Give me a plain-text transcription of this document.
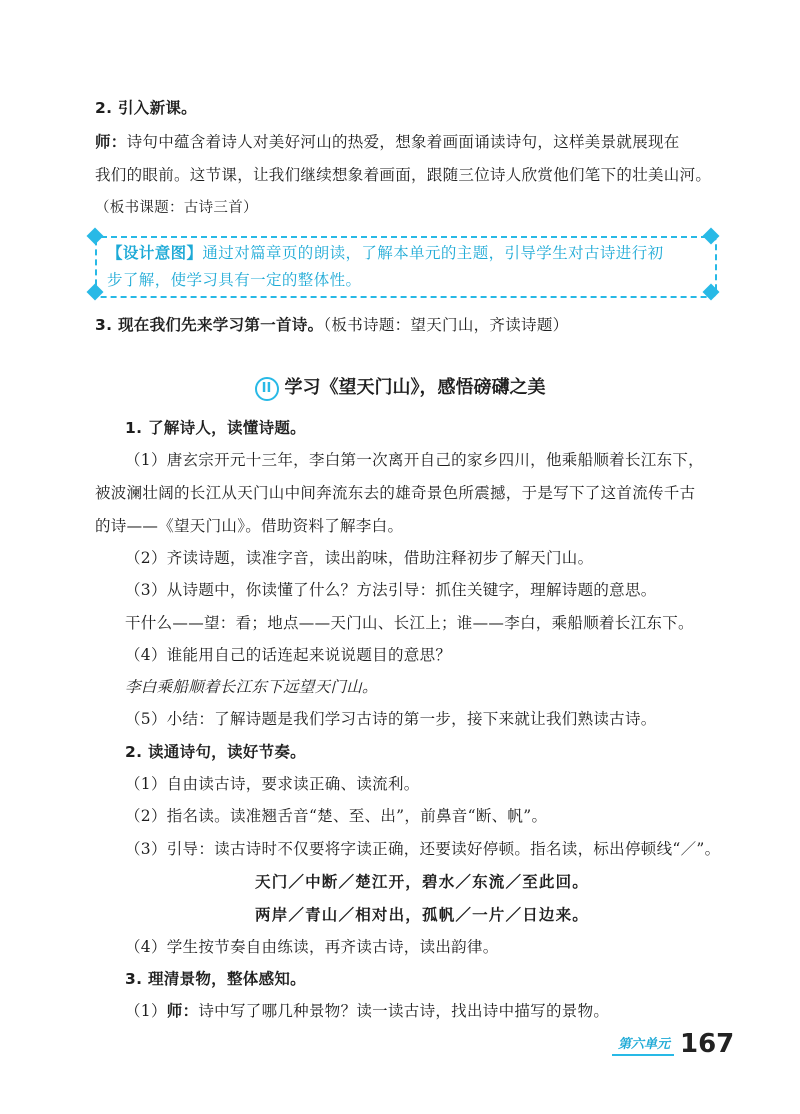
2. 引入新课。
师：诗句中蕴含着诗人对美好河山的热爱，想象着画面诵读诗句，这样美景就展现在
我们的眼前。这节课，让我们继续想象着画面，跟随三位诗人欣赏他们笔下的壮美山河。
（板书课题：古诗三首）
【设计意图】通过对篇章页的朗读，了解本单元的主题，引导学生对古诗进行初
步了解，使学习具有一定的整体性。
3. 现在我们先来学习第一首诗。（板书诗题：望天门山，齐读诗题）
II 学习《望天门山》，感悟磅礴之美
1. 了解诗人，读懂诗题。
（1）唐玄宗开元十三年，李白第一次离开自己的家乡四川，他乘船顺着长江东下，
被波澜壮阔的长江从天门山中间奔流东去的雄奇景色所震撼，于是写下了这首流传千古
的诗——《望天门山》。借助资料了解李白。
（2）齐读诗题，读准字音，读出韵味，借助注释初步了解天门山。
（3）从诗题中，你读懂了什么？方法引导：抓住关键字，理解诗题的意思。
干什么——望：看；地点——天门山、长江上；谁——李白，乘船顺着长江东下。
（4）谁能用自己的话连起来说说题目的意思？
李白乘船顺着长江东下远望天门山。
（5）小结：了解诗题是我们学习古诗的第一步，接下来就让我们熟读古诗。
2. 读通诗句，读好节奏。
（1）自由读古诗，要求读正确、读流利。
（2）指名读。读准翘舌音“楚、至、出”，前鼻音“断、帆”。
（3）引导：读古诗时不仅要将字读正确，还要读好停顿。指名读，标出停顿线“／”。
天门／中断／楚江开，碧水／东流／至此回。
两岸／青山／相对出，孤帆／一片／日边来。
（4）学生按节奏自由练读，再齐读古诗，读出韵律。
3. 理清景物，整体感知。
（1）师：诗中写了哪几种景物？读一读古诗，找出诗中描写的景物。
第六单元 167
